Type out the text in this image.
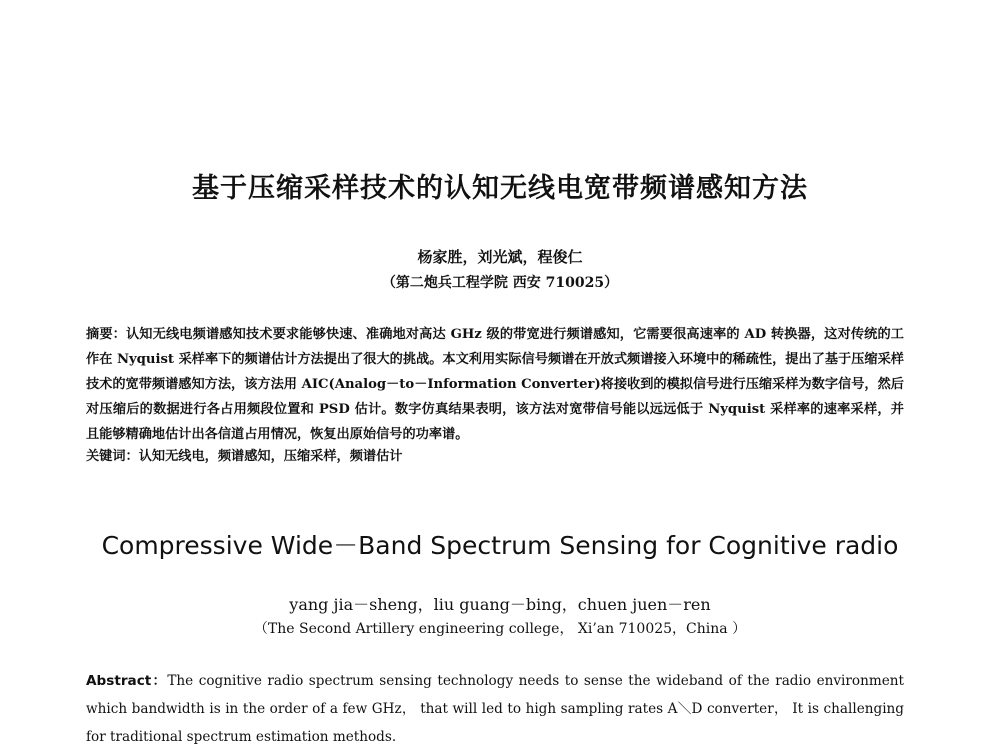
基于压缩采样技术的认知无线电宽带频谱感知方法
杨家胜，刘光斌，程俊仁
（第二炮兵工程学院 西安 710025）
摘要：认知无线电频谱感知技术要求能够快速、准确地对高达 GHz 级的带宽进行频谱感知，它需要很高速率的 AD 转换器，这对传统的工作在 Nyquist 采样率下的频谱估计方法提出了很大的挑战。本文利用实际信号频谱在开放式频谱接入环境中的稀疏性，提出了基于压缩采样技术的宽带频谱感知方法，该方法用 AIC(Analog－to－Information Converter)将接收到的模拟信号进行压缩采样为数字信号，然后对压缩后的数据进行各占用频段位置和 PSD 估计。数字仿真结果表明，该方法对宽带信号能以远远低于 Nyquist 采样率的速率采样，并且能够精确地估计出各信道占用情况，恢复出原始信号的功率谱。
关键词：认知无线电，频谱感知，压缩采样，频谱估计
Compressive Wide－Band Spectrum Sensing for Cognitive radio
yang jia－sheng，liu guang－bing，chuen juen－ren
（The Second Artillery engineering college， Xi’an 710025，China ）
Abstract：The cognitive radio spectrum sensing technology needs to sense the wideband of the radio environment which bandwidth is in the order of a few GHz， that will led to high sampling rates A＼D converter， It is challenging for traditional spectrum estimation methods.
